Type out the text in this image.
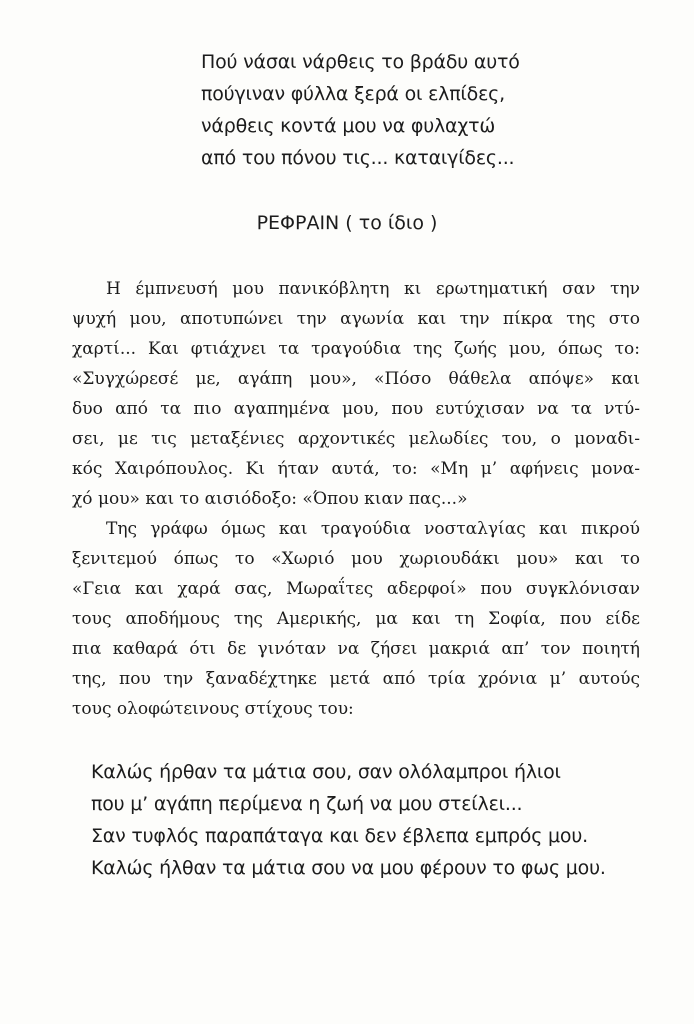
Πού νάσαι νάρθεις το βράδυ αυτό
πούγιναν φύλλα ξερά οι ελπίδες,
νάρθεις κοντά μου να φυλαχτώ
από του πόνου τις... καταιγίδες...
ΡΕΦΡΑΙΝ ( το ίδιο )
Η έμπνευσή μου πανικόβλητη κι ερωτηματική σαν την
ψυχή μου, αποτυπώνει την αγωνία και την πίκρα της στο
χαρτί... Και φτιάχνει τα τραγούδια της ζωής μου, όπως το:
«Συγχώρεσέ με, αγάπη μου», «Πόσο θάθελα απόψε» και
δυο από τα πιο αγαπημένα μου, που ευτύχισαν να τα ντύ-
σει, με τις μεταξένιες αρχοντικές μελωδίες του, ο μοναδι-
κός Χαιρόπουλος. Κι ήταν αυτά, το: «Μη μ’ αφήνεις μονα-
χό μου» και το αισιόδοξο: «Όπου κιαν πας...»
Της γράφω όμως και τραγούδια νοσταλγίας και πικρού
ξενιτεμού όπως το «Χωριό μου χωριουδάκι μου» και το
«Γεια και χαρά σας, Μωραΐτες αδερφοί» που συγκλόνισαν
τους αποδήμους της Αμερικής, μα και τη Σοφία, που είδε
πια καθαρά ότι δε γινόταν να ζήσει μακριά απ’ τον ποιητή
της, που την ξαναδέχτηκε μετά από τρία χρόνια μ’ αυτούς
τους ολοφώτεινους στίχους του:
Καλώς ήρθαν τα μάτια σου, σαν ολόλαμπροι ήλιοι
που μ’ αγάπη περίμενα η ζωή να μου στείλει...
Σαν τυφλός παραπάταγα και δεν έβλεπα εμπρός μου.
Καλώς ήλθαν τα μάτια σου να μου φέρουν το φως μου.
